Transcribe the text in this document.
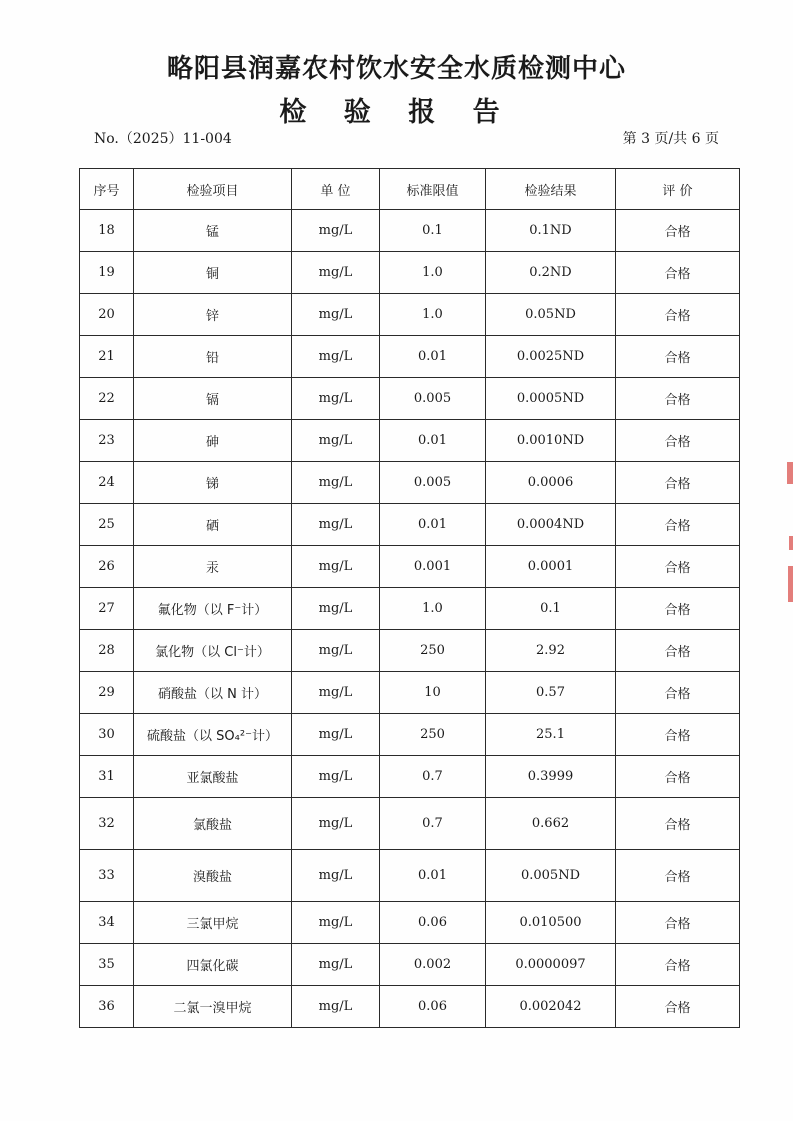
略阳县润嘉农村饮水安全水质检测中心
检 验 报 告
No.（2025）11-004	第 3 页/共 6 页
序号	检验项目	单 位	标准限值	检验结果	评 价
18	锰	mg/L	0.1	0.1ND	合格
19	铜	mg/L	1.0	0.2ND	合格
20	锌	mg/L	1.0	0.05ND	合格
21	铅	mg/L	0.01	0.0025ND	合格
22	镉	mg/L	0.005	0.0005ND	合格
23	砷	mg/L	0.01	0.0010ND	合格
24	锑	mg/L	0.005	0.0006	合格
25	硒	mg/L	0.01	0.0004ND	合格
26	汞	mg/L	0.001	0.0001	合格
27	氟化物（以 F⁻计）	mg/L	1.0	0.1	合格
28	氯化物（以 Cl⁻计）	mg/L	250	2.92	合格
29	硝酸盐（以 N 计）	mg/L	10	0.57	合格
30	硫酸盐（以 SO₄²⁻计）	mg/L	250	25.1	合格
31	亚氯酸盐	mg/L	0.7	0.3999	合格
32	氯酸盐	mg/L	0.7	0.662	合格
33	溴酸盐	mg/L	0.01	0.005ND	合格
34	三氯甲烷	mg/L	0.06	0.010500	合格
35	四氯化碳	mg/L	0.002	0.0000097	合格
36	二氯一溴甲烷	mg/L	0.06	0.002042	合格
